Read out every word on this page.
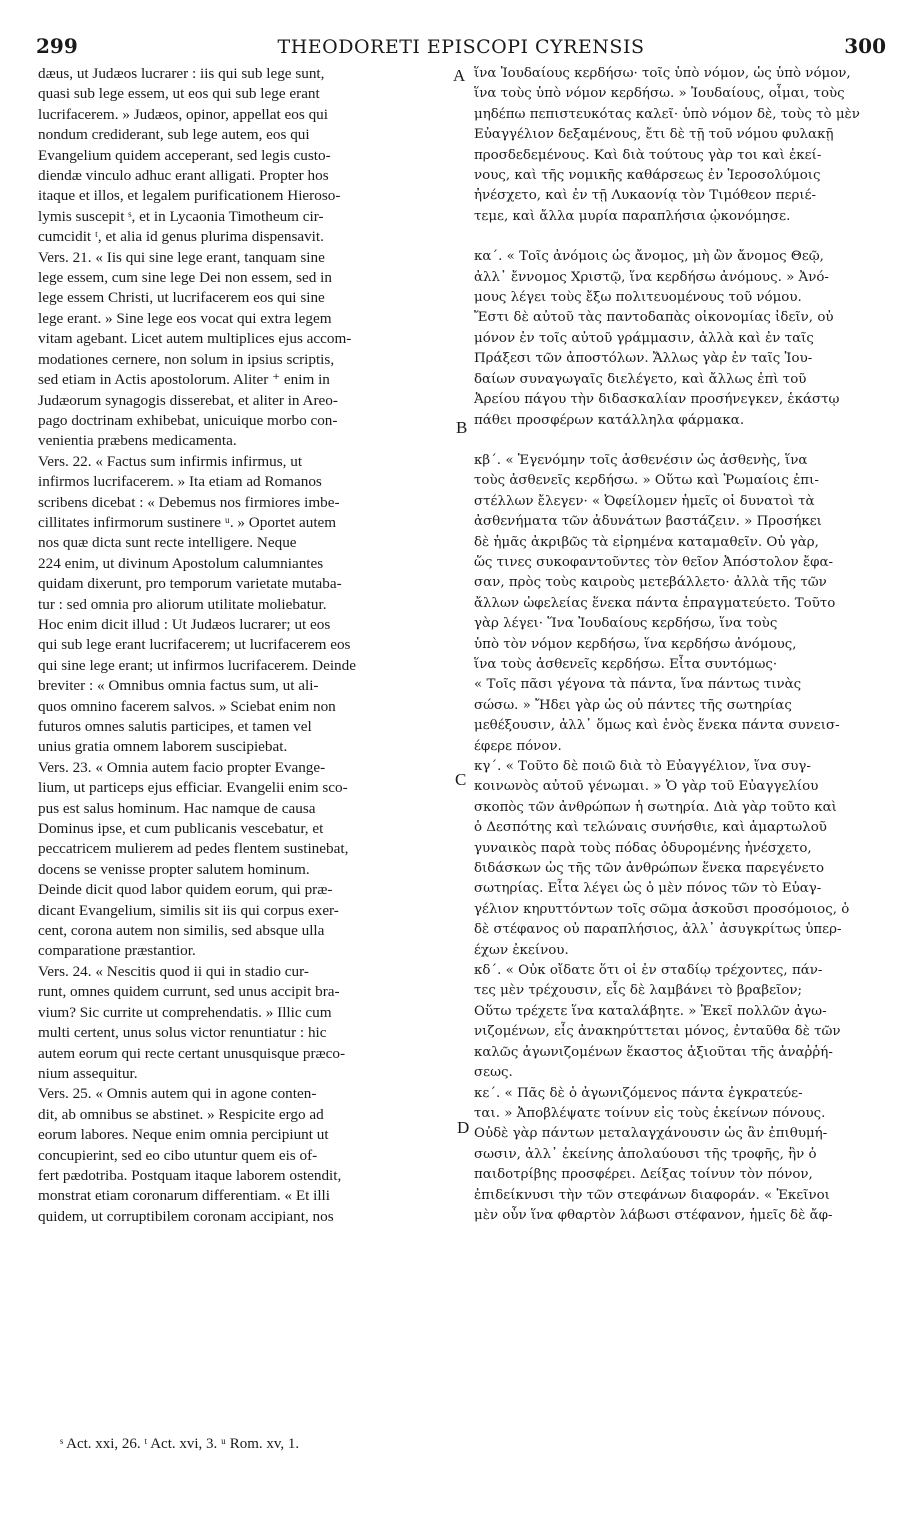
299	THEODORETI EPISCOPI CYRENSIS	300

dæus, ut Judæos lucrarer : iis qui sub lege sunt,
quasi sub lege essem, ut eos qui sub lege erant
lucrifacerem. » Judæos, opinor, appellat eos qui
nondum crediderant, sub lege autem, eos qui
Evangelium quidem acceperant, sed legis custo-
diendæ vinculo adhuc erant alligati. Propter hos
itaque et illos, et legalem purificationem Hieroso-
lymis suscepit ˢ, et in Lycaonia Timotheum cir-
cumcidit ᵗ, et alia id genus plurima dispensavit.

Vers. 21. « Iis qui sine lege erant, tanquam sine
lege essem, cum sine lege Dei non essem, sed in
lege essem Christi, ut lucrifacerem eos qui sine
lege erant. » Sine lege eos vocat qui extra legem
vitam agebant. Licet autem multiplices ejus accom-
modationes cernere, non solum in ipsius scriptis,
sed etiam in Actis apostolorum. Aliter ⁺ enim in
Judæorum synagogis disserebat, et aliter in Areo-
pago doctrinam exhibebat, unicuique morbo con-
venientia præbens medicamenta.

Vers. 22. « Factus sum infirmis infirmus, ut
infirmos lucrifacerem. » Ita etiam ad Romanos
scribens dicebat : « Debemus nos firmiores imbe-
cillitates infirmorum sustinere ᵘ. » Oportet autem
nos quæ dicta sunt recte intelligere. Neque
224 enim, ut divinum Apostolum calumniantes
quidam dixerunt, pro temporum varietate mutaba-
tur : sed omnia pro aliorum utilitate moliebatur.
Hoc enim dicit illud : Ut Judæos lucrarer; ut eos
qui sub lege erant lucrifacerem; ut lucrifacerem eos
qui sine lege erant; ut infirmos lucrifacerem. Deinde
breviter : « Omnibus omnia factus sum, ut ali-
quos omnino facerem salvos. » Sciebat enim non
futuros omnes salutis participes, et tamen vel
unius gratia omnem laborem suscipiebat.

Vers. 23. « Omnia autem facio propter Evange-
lium, ut particeps ejus efficiar. Evangelii enim sco-
pus est salus hominum. Hac namque de causa
Dominus ipse, et cum publicanis vescebatur, et
peccatricem mulierem ad pedes flentem sustinebat,
docens se venisse propter salutem hominum.
Deinde dicit quod labor quidem eorum, qui præ-
dicant Evangelium, similis sit iis qui corpus exer-
cent, corona autem non similis, sed absque ulla
comparatione præstantior.

Vers. 24. « Nescitis quod ii qui in stadio cur-
runt, omnes quidem currunt, sed unus accipit bra-
vium? Sic currite ut comprehendatis. » Illic cum
multi certent, unus solus victor renuntiatur : hic
autem eorum qui recte certant unusquisque præco-
nium assequitur.

Vers. 25. « Omnis autem qui in agone conten-
dit, ab omnibus se abstinet. » Respicite ergo ad
eorum labores. Neque enim omnia percipiunt ut
concupierint, sed eo cibo utuntur quem eis of-
fert pædotriba. Postquam itaque laborem ostendit,
monstrat etiam coronarum differentiam. « Et illi
quidem, ut corruptibilem coronam accipiant, nos

ἵνα Ἰουδαίους κερδήσω· τοῖς ὑπὸ νόμον, ὡς ὑπὸ νόμον,
ἵνα τοὺς ὑπὸ νόμον κερδήσω. » Ἰουδαίους, οἶμαι, τοὺς
μηδέπω πεπιστευκότας καλεῖ· ὑπὸ νόμον δὲ, τοὺς τὸ μὲν
Εὐαγγέλιον δεξαμένους, ἔτι δὲ τῇ τοῦ νόμου φυλακῇ
προσδεδεμένους. Καὶ διὰ τούτους γὰρ τοι καὶ ἐκεί-
νους, καὶ τῆς νομικῆς καθάρσεως ἐν Ἱεροσολύμοις
ἠνέσχετο, καὶ ἐν τῇ Λυκαονίᾳ τὸν Τιμόθεον περιέ-
τεμε, καὶ ἄλλα μυρία παραπλήσια ᾠκονόμησε.

κα΄. « Τοῖς ἀνόμοις ὡς ἄνομος, μὴ ὢν ἄνομος Θεῷ,
ἀλλ᾽ ἔννομος Χριστῷ, ἵνα κερδήσω ἀνόμους. » Ἀνό-
μους λέγει τοὺς ἔξω πολιτευομένους τοῦ νόμου.
Ἔστι δὲ αὐτοῦ τὰς παντοδαπὰς οἰκονομίας ἰδεῖν, οὐ
μόνον ἐν τοῖς αὐτοῦ γράμμασιν, ἀλλὰ καὶ ἐν ταῖς
Πράξεσι τῶν ἀποστόλων. Ἄλλως γὰρ ἐν ταῖς Ἰου-
δαίων συναγωγαῖς διελέγετο, καὶ ἄλλως ἐπὶ τοῦ
Ἀρείου πάγου τὴν διδασκαλίαν προσήνεγκεν, ἑκάστῳ
πάθει προσφέρων κατάλληλα φάρμακα.

κβ΄. « Ἐγενόμην τοῖς ἀσθενέσιν ὡς ἀσθενὴς, ἵνα
τοὺς ἀσθενεῖς κερδήσω. » Οὕτω καὶ Ῥωμαίοις ἐπι-
στέλλων ἔλεγεν· « Ὀφείλομεν ἡμεῖς οἱ δυνατοὶ τὰ
ἀσθενήματα τῶν ἀδυνάτων βαστάζειν. » Προσήκει
δὲ ἡμᾶς ἀκριβῶς τὰ εἰρημένα καταμαθεῖν. Οὐ γὰρ,
ὥς τινες συκοφαντοῦντες τὸν θεῖον Ἀπόστολον ἔφα-
σαν, πρὸς τοὺς καιροὺς μετεβάλλετο· ἀλλὰ τῆς τῶν
ἄλλων ὠφελείας ἕνεκα πάντα ἐπραγματεύετο. Τοῦτο
γὰρ λέγει· Ἵνα Ἰουδαίους κερδήσω, ἵνα τοὺς
ὑπὸ τὸν νόμον κερδήσω, ἵνα κερδήσω ἀνόμους,
ἵνα τοὺς ἀσθενεῖς κερδήσω. Εἶτα συντόμως·
« Τοῖς πᾶσι γέγονα τὰ πάντα, ἵνα πάντως τινὰς
σώσω. » Ἤδει γὰρ ὡς οὐ πάντες τῆς σωτηρίας
μεθέξουσιν, ἀλλ᾽ ὅμως καὶ ἑνὸς ἕνεκα πάντα συνεισ-
έφερε πόνον.

κγ΄. « Τοῦτο δὲ ποιῶ διὰ τὸ Εὐαγγέλιον, ἵνα συγ-
κοινωνὸς αὐτοῦ γένωμαι. » Ὁ γὰρ τοῦ Εὐαγγελίου
σκοπὸς τῶν ἀνθρώπων ἡ σωτηρία. Διὰ γὰρ τοῦτο καὶ
ὁ Δεσπότης καὶ τελώναις συνήσθιε, καὶ ἁμαρτωλοῦ
γυναικὸς παρὰ τοὺς πόδας ὀδυρομένης ἠνέσχετο,
διδάσκων ὡς τῆς τῶν ἀνθρώπων ἕνεκα παρεγένετο
σωτηρίας. Εἶτα λέγει ὡς ὁ μὲν πόνος τῶν τὸ Εὐαγ-
γέλιον κηρυττόντων τοῖς σῶμα ἀσκοῦσι προσόμοιος, ὁ
δὲ στέφανος οὐ παραπλήσιος, ἀλλ᾽ ἀσυγκρίτως ὑπερ-
έχων ἐκείνου.

κδ΄. « Οὐκ οἴδατε ὅτι οἱ ἐν σταδίῳ τρέχοντες, πάν-
τες μὲν τρέχουσιν, εἷς δὲ λαμβάνει τὸ βραβεῖον;
Οὕτω τρέχετε ἵνα καταλάβητε. » Ἐκεῖ πολλῶν ἀγω-
νιζομένων, εἷς ἀνακηρύττεται μόνος, ἐνταῦθα δὲ τῶν
καλῶς ἀγωνιζομένων ἕκαστος ἀξιοῦται τῆς ἀναῤῥή-
σεως.

κε΄. « Πᾶς δὲ ὁ ἀγωνιζόμενος πάντα ἐγκρατεύε-
ται. » Ἀποβλέψατε τοίνυν εἰς τοὺς ἐκείνων πόνους.
Οὐδὲ γὰρ πάντων μεταλαγχάνουσιν ὡς ἂν ἐπιθυμή-
σωσιν, ἀλλ᾽ ἐκείνης ἀπολαύουσι τῆς τροφῆς, ἣν ὁ
παιδοτρίβης προσφέρει. Δείξας τοίνυν τὸν πόνον,
ἐπιδείκνυσι τὴν τῶν στεφάνων διαφοράν. « Ἐκεῖνοι
μὲν οὖν ἵνα φθαρτὸν λάβωσι στέφανον, ἡμεῖς δὲ ἄφ-

A
B
C
D
ˢ Act. xxi, 26. ᵗ Act. xvi, 3. ᵘ Rom. xv, 1.
